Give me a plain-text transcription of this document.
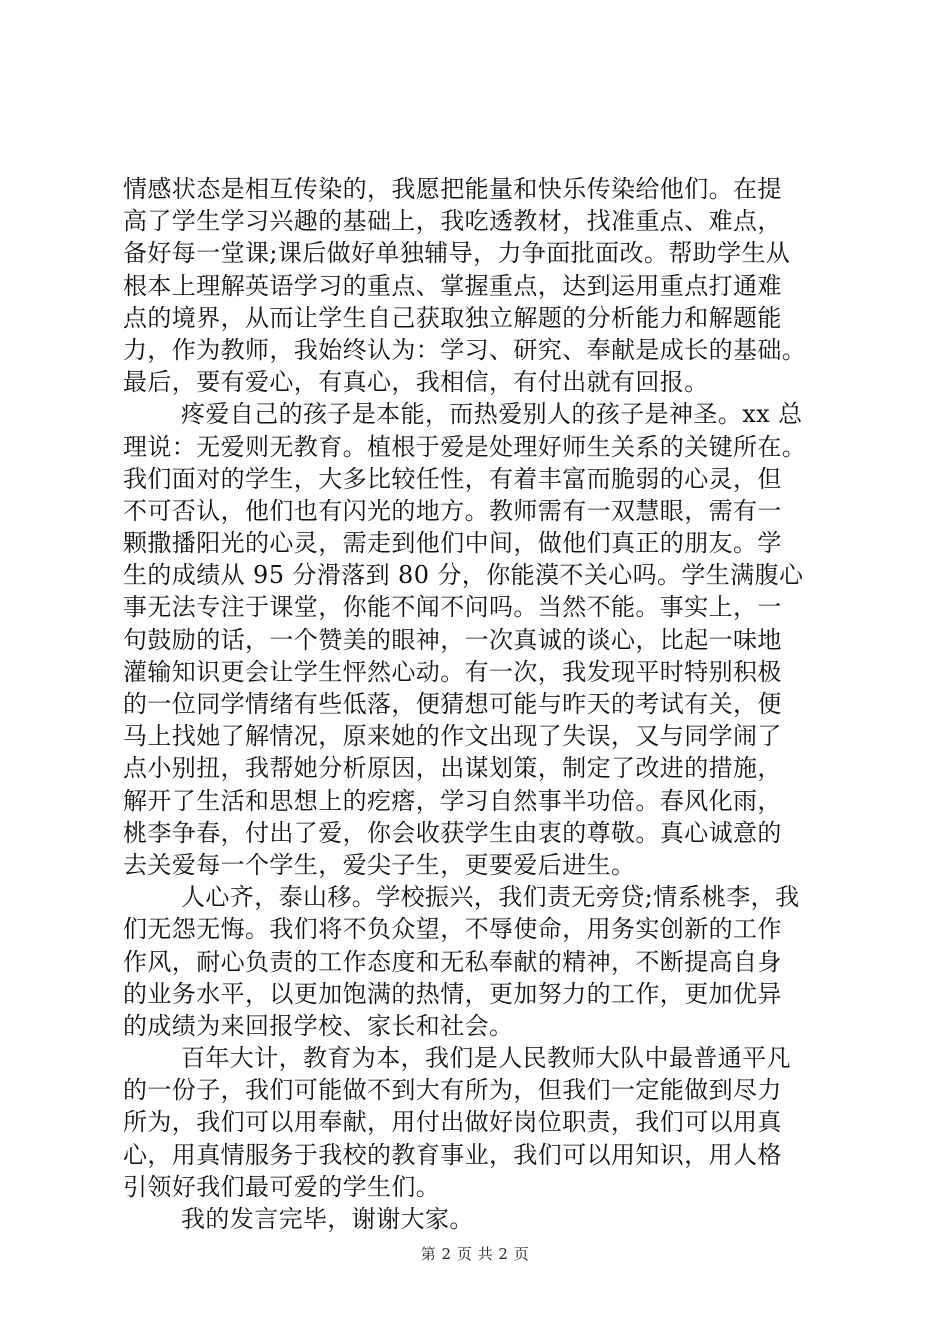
情感状态是相互传染的，我愿把能量和快乐传染给他们。在提
高了学生学习兴趣的基础上，我吃透教材，找准重点、难点，
备好每一堂课;课后做好单独辅导，力争面批面改。帮助学生从
根本上理解英语学习的重点、掌握重点，达到运用重点打通难
点的境界，从而让学生自己获取独立解题的分析能力和解题能
力，作为教师，我始终认为：学习、研究、奉献是成长的基础。
最后，要有爱心，有真心，我相信，有付出就有回报。
疼爱自己的孩子是本能，而热爱别人的孩子是神圣。xx 总
理说：无爱则无教育。植根于爱是处理好师生关系的关键所在。
我们面对的学生，大多比较任性，有着丰富而脆弱的心灵，但
不可否认，他们也有闪光的地方。教师需有一双慧眼，需有一
颗撒播阳光的心灵，需走到他们中间，做他们真正的朋友。学
生的成绩从 95 分滑落到 80 分，你能漠不关心吗。学生满腹心
事无法专注于课堂，你能不闻不问吗。当然不能。事实上，一
句鼓励的话，一个赞美的眼神，一次真诚的谈心，比起一味地
灌输知识更会让学生怦然心动。有一次，我发现平时特别积极
的一位同学情绪有些低落，便猜想可能与昨天的考试有关，便
马上找她了解情况，原来她的作文出现了失误，又与同学闹了
点小别扭，我帮她分析原因，出谋划策，制定了改进的措施，
解开了生活和思想上的疙瘩，学习自然事半功倍。春风化雨，
桃李争春，付出了爱，你会收获学生由衷的尊敬。真心诚意的
去关爱每一个学生，爱尖子生，更要爱后进生。
人心齐，泰山移。学校振兴，我们责无旁贷;情系桃李，我
们无怨无悔。我们将不负众望，不辱使命，用务实创新的工作
作风，耐心负责的工作态度和无私奉献的精神，不断提高自身
的业务水平，以更加饱满的热情，更加努力的工作，更加优异
的成绩为来回报学校、家长和社会。
百年大计，教育为本，我们是人民教师大队中最普通平凡
的一份子，我们可能做不到大有所为，但我们一定能做到尽力
所为，我们可以用奉献，用付出做好岗位职责，我们可以用真
心，用真情服务于我校的教育事业，我们可以用知识，用人格
引领好我们最可爱的学生们。
我的发言完毕，谢谢大家。
第 2 页 共 2 页
